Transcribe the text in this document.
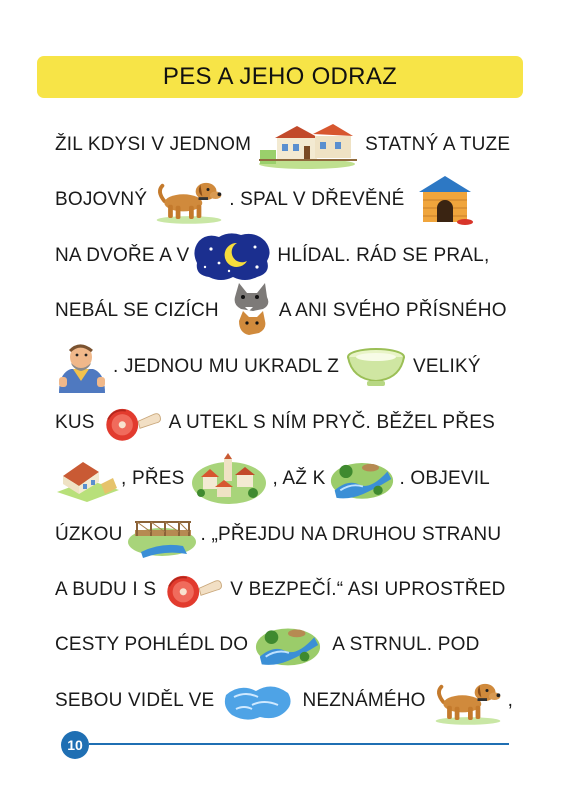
PES A JEHO ODRAZ
ŽIL KDYSI V JEDNOM	STATNÝ A TUZE
BOJOVNÝ	. SPAL V DŘEVĚNÉ
NA DVOŘE A V	HLÍDAL. RÁD SE PRAL,
NEBÁL SE CIZÍCH	A ANI SVÉHO PŘÍSNÉHO
. JEDNOU MU UKRADL Z	VELIKÝ
KUS	A UTEKL S NÍM PRYČ. BĚŽEL PŘES
, PŘES	, AŽ K	. OBJEVIL
ÚZKOU	. „PŘEJDU NA DRUHOU STRANU
A BUDU I S	V BEZPEČÍ.“ ASI UPROSTŘED
CESTY POHLÉDL DO	A STRNUL. POD
SEBOU VIDĚL VE	NEZNÁMÉHO	,
10
